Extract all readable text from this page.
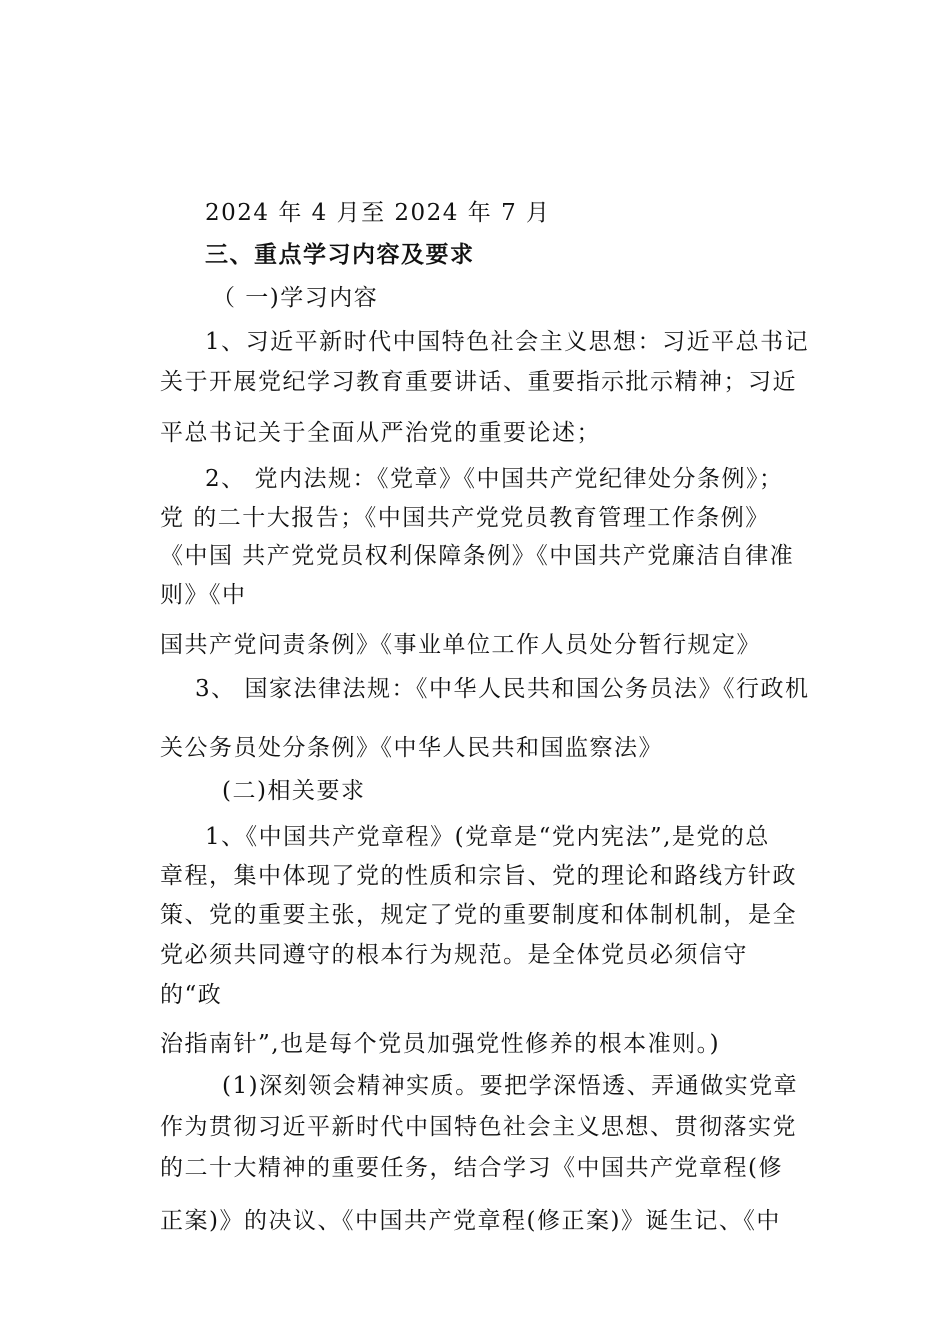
2024 年 4 月至 2024 年 7 月

三、重点学习内容及要求

（ 一)学习内容

1、习近平新时代中国特色社会主义思想：习近平总书记

关于开展党纪学习教育重要讲话、重要指示批示精神；习近

平总书记关于全面从严治党的重要论述；

2、 党内法规：《党章》《中国共产党纪律处分条例》；

党 的二十大报告；《中国共产党党员教育管理工作条例》

《中国 共产党党员权利保障条例》《中国共产党廉洁自律准

则》《中

国共产党问责条例》《事业单位工作人员处分暂行规定》

3、 国家法律法规：《中华人民共和国公务员法》《行政机

关公务员处分条例》《中华人民共和国监察法》

(二)相关要求

1、《中国共产党章程》(党章是“党内宪法”,是党的总

章程，集中体现了党的性质和宗旨、党的理论和路线方针政

策、党的重要主张，规定了党的重要制度和体制机制，是全

党必须共同遵守的根本行为规范。是全体党员必须信守

的“政

治指南针”,也是每个党员加强党性修养的根本准则。)

(1)深刻领会精神实质。要把学深悟透、弄通做实党章

作为贯彻习近平新时代中国特色社会主义思想、贯彻落实党

的二十大精神的重要任务，结合学习《中国共产党章程(修

正案)》的决议、《中国共产党章程(修正案)》诞生记、《中
